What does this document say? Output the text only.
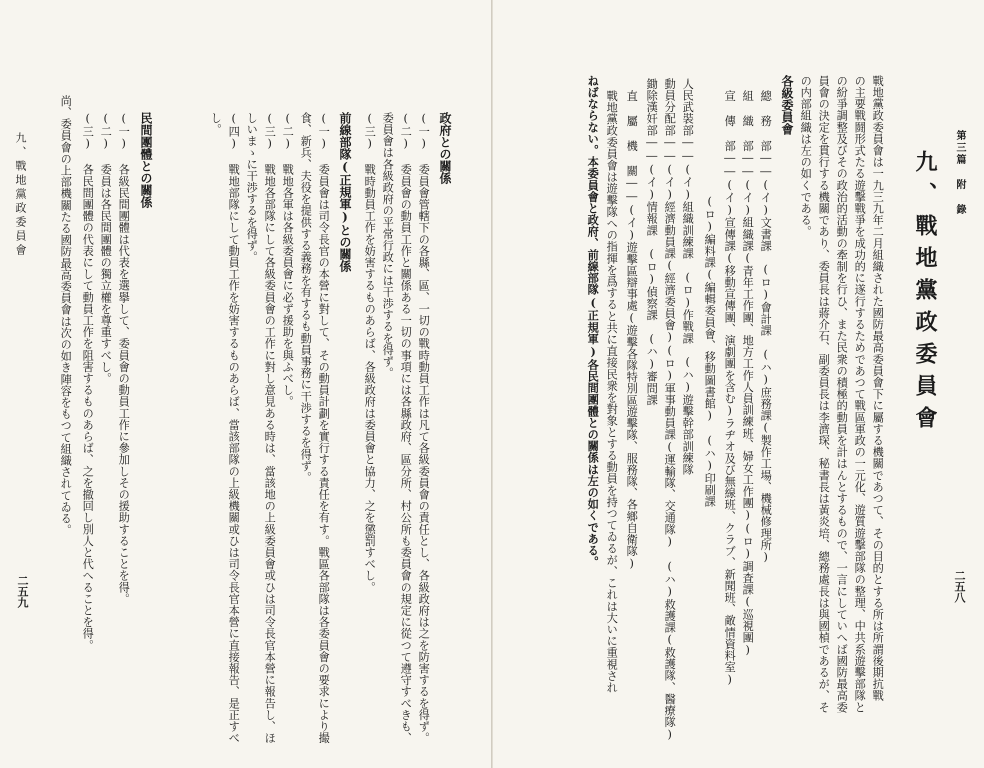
政府との關係
(一) 委員會管轄下の各縣、區、一切の戰時動員工作は凡て各級委員會の責任とし、各級政府は之を防害するを得ず。
(二) 委員會の動員工作と關係ある一切の事項には各縣政府、區分所、村公所も委員會の規定に從つて遵守すべきも、
委員會は各級政府の平常行政には干渉するを得ず。
(三) 戰時動員工作を妨害するものあらば、各級政府は委員會と協力、之を懲罰すべし。
前線部隊(正規軍)との關係
(一) 委員會は司令長官の本營に對して、その動員計劃を實行する責任を有す。戰區各部隊は各委員會の要求により撮
食、新兵、夫役を提供する義務を有するも動員事務に干渉するを得ず。
(二) 戰地各軍は各級委員會に必ず援助を與ふべし。
(三) 戰地各部隊にして各級委員會の工作に對し意見ある時は、當該地の上級委員會或ひは司令長官本營に報告し、ほ
しいまゝに干渉するを得ず。
(四) 戰地部隊にして動員工作を妨害するものあらば、當該部隊の上級機關或ひは司令長官本營に直接報告、是正すべ
し。
民間團體との關係
(一) 各級民間團體は代表を選擧して、委員會の動員工作に參加しその援助することを得。
(二) 委員は各民間團體の獨立權を尊重すべし。
(三) 各民間團體の代表にして動員工作を阻害するものあらば、之を撤回し別人と代へることを得。
尚、委員會の上部機關たる國防最高委員會は次の如き陣容をもつて組織されてゐる。
九、戰地黨政委員會
二五九
第三篇 附 錄
二五八
九、戰地黨政委員會
戰地黨政委員會は一九三九年二月組織された國防最高委員會下に屬する機關であつて、その目的とする所は所謂後期抗戰
の主要戰鬪形式たる遊擊戰爭を成功的に遂行するためであつて戰區軍政の一元化、遊質遊擊部隊の整理、中共系遊擊部隊と
の紛爭調整及びその政治的活動の牽制を行ひ、また民衆の積極的動員を計はんとするもので、一言にしていへば國防最高委
員會の決定を貫行する機關であり、委員長は蔣介石、副委員長は李濟琛、秘書長は黃炎培、總務處長は與國楨であるが、そ
の内部組織は左の如くである。
各級委員會
總 務 部――(イ)文書課　(ロ)會計課　(ハ)庶務課(製作工場、機械修理所)
組 織 部――(イ)組織課(青年工作團、地方工作人員訓練班、婦女工作團)(ロ)調査課(巡視團)
宣 傳 部――(イ)宣傳課(移動宣傳團、演劇團を含む)ラヂオ及び無線班、クラブ、新聞班、敵情資料室)
(ロ)編料課(編輯委員會、移動圖書館)　(ハ)印刷課
人民武裝部――(イ)組織訓練課　(ロ)作戰課　(ハ)遊擊幹部訓練隊
動員分配部――(イ)經濟動員課(經濟委員會)(ロ)軍事動員課(運輸隊、交通隊)　(ハ)救護課(救護隊、醫療隊)
鋤除漢奸部――(イ)情報課　(ロ)偵察課　(ハ)審問課
直 屬 機 關――(イ)遊擊區辯事處(遊擊各隊特別區遊擊隊、服務隊、各鄉自衛隊)
戰地黨政委員會は遊擊隊への指揮を爲すると共に直接民衆を對象とする動員を持つてゐるが、これは大いに重視され
ねばならない。本委員會と政府、前線部隊(正規軍)各民間團體との關係は左の如くである。
